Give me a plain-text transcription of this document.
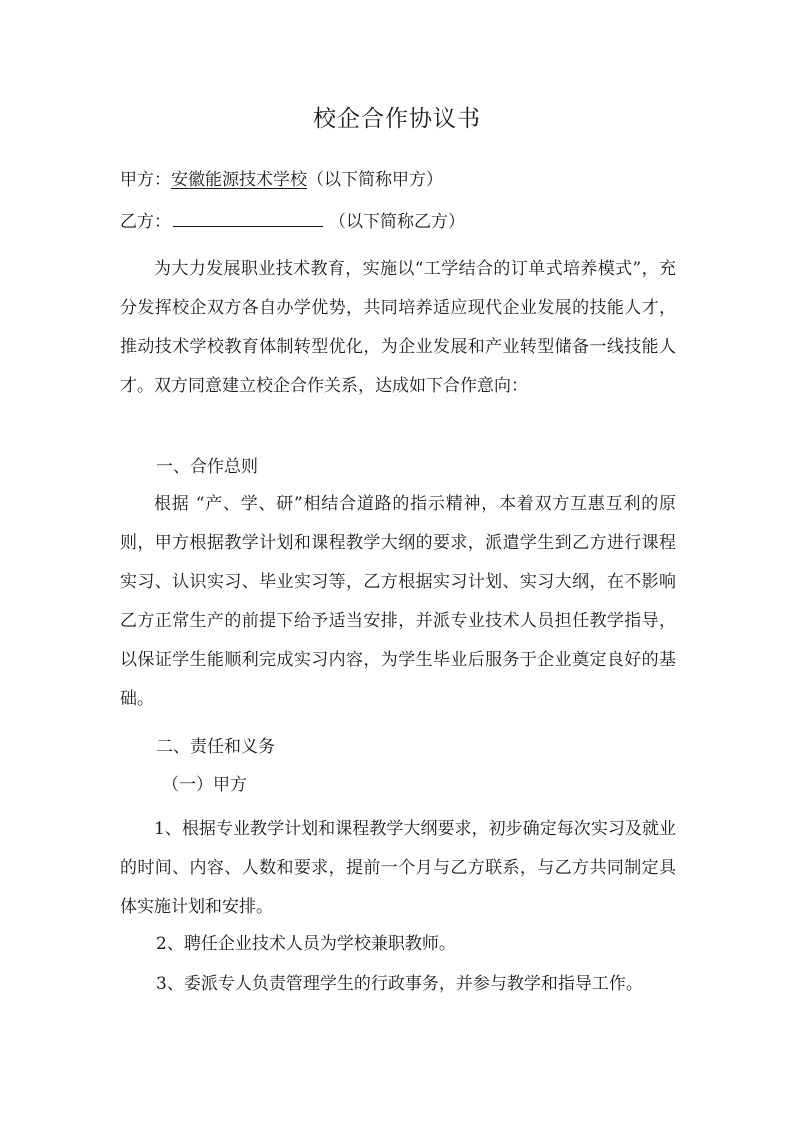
校企合作协议书
甲方：安徽能源技术学校（以下简称甲方）
乙方：	（以下简称乙方）

为大力发展职业技术教育，实施以“工学结合的订单式培养模式”，充分发挥校企双方各自办学优势，共同培养适应现代企业发展的技能人才，推动技术学校教育体制转型优化，为企业发展和产业转型储备一线技能人才。双方同意建立校企合作关系，达成如下合作意向：

一、合作总则

根据 “产、学、研”相结合道路的指示精神，本着双方互惠互利的原则，甲方根据教学计划和课程教学大纲的要求，派遣学生到乙方进行课程实习、认识实习、毕业实习等，乙方根据实习计划、实习大纲，在不影响乙方正常生产的前提下给予适当安排，并派专业技术人员担任教学指导，以保证学生能顺利完成实习内容，为学生毕业后服务于企业奠定良好的基础。

二、责任和义务

（一）甲方

1、根据专业教学计划和课程教学大纲要求，初步确定每次实习及就业的时间、内容、人数和要求，提前一个月与乙方联系，与乙方共同制定具体实施计划和安排。

2、聘任企业技术人员为学校兼职教师。

3、委派专人负责管理学生的行政事务，并参与教学和指导工作。
